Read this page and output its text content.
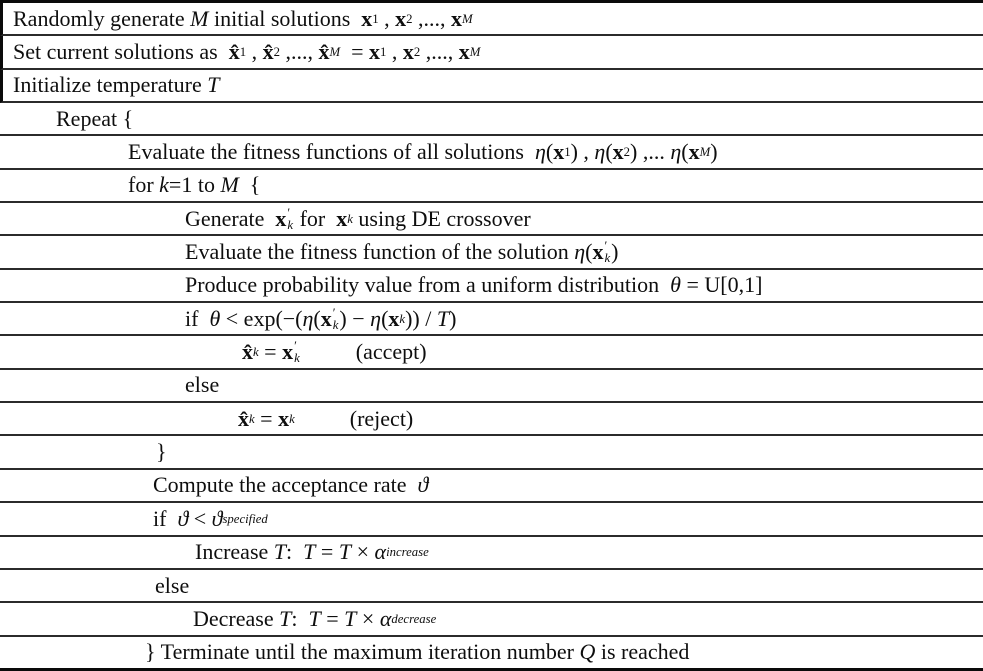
Randomly generate M initial solutions x 1 , x 2 ,..., x M
Set current solutions as x̂ 1 , x̂ 2 ,..., x̂ M = x 1 , x 2 ,..., x M
Initialize temperature T
Repeat {
Evaluate the fitness functions of all solutions η ( x 1 ) , η ( x 2 ) ,... η ( x M )
for k =1 to M {
Generate x ′
k for x k using DE crossover
Evaluate the fitness function of the solution η ( x ′
k )
Produce probability value from a uniform distribution θ = U[0,1]
if θ < exp(−( η ( x ′
k ) − η ( x k )) / T )
x̂ k = x ′
k (accept)
else
x̂ k = x k (reject)
}
Compute the acceptance rate ϑ
if ϑ < ϑ specified
Increase T : T = T × α increase
else
Decrease T : T = T × α decrease
} Terminate until the maximum iteration number Q is reached
